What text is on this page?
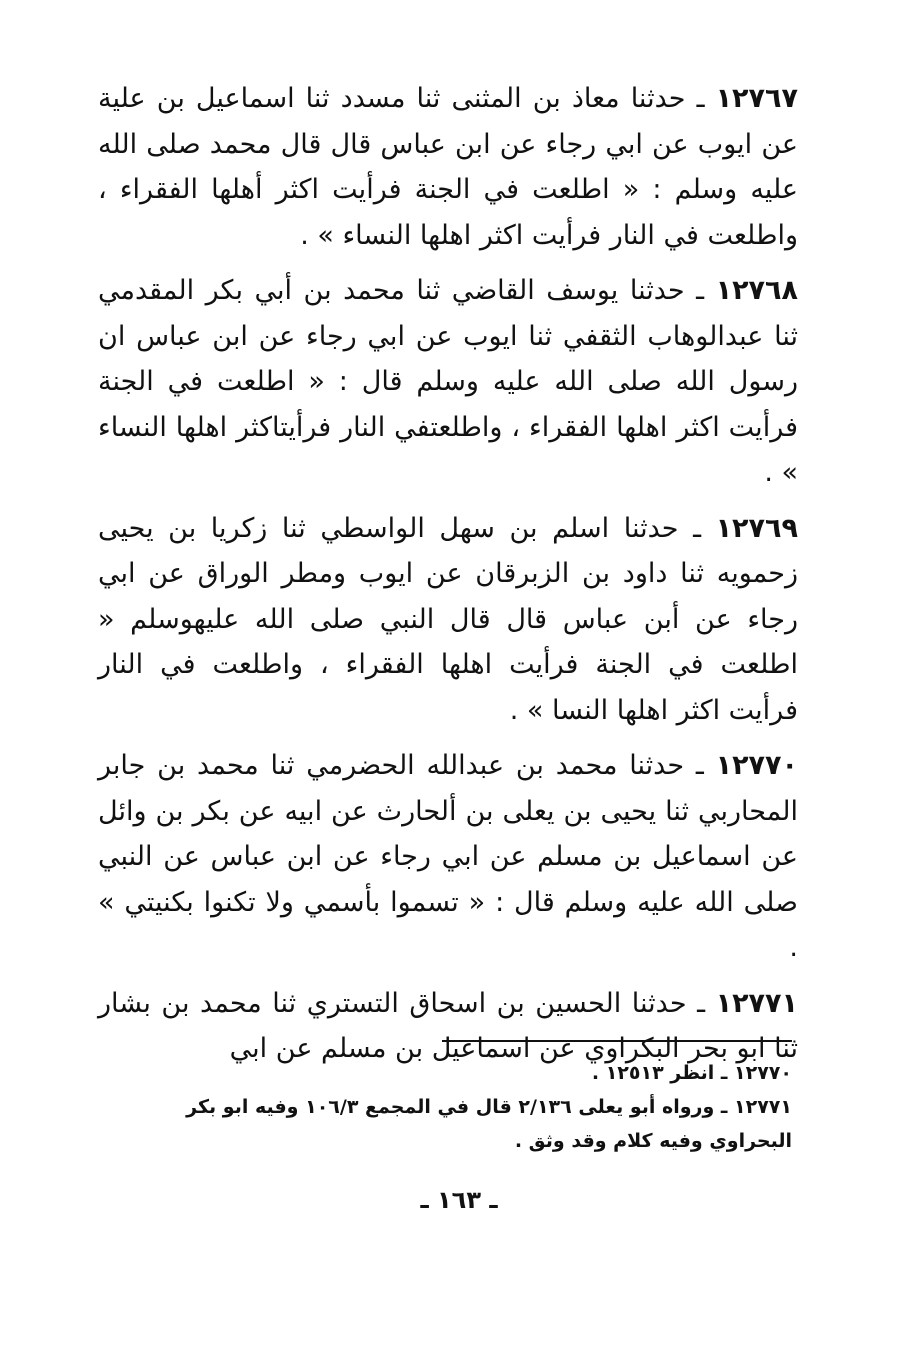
١٢٧٦٧ ـ حدثنا معاذ بن المثنى ثنا مسدد ثنا اسماعيل بن علية عن ايوب عن ابي رجاء عن ابن عباس قال قال محمد صلى الله عليه وسلم : « اطلعت في الجنة فرأيت اكثر أهلها الفقراء ، واطلعت في النار فرأيت اكثر اهلها النساء » .

١٢٧٦٨ ـ حدثنا يوسف القاضي ثنا محمد بن أبي بكر المقدمي ثنا عبدالوهاب الثقفي ثنا ايوب عن ابي رجاء عن ابن عباس ان رسول الله صلى الله عليه وسلم قال : « اطلعت في الجنة فرأيت اكثر اهلها الفقراء ، واطلعتفي النار فرأيتاكثر اهلها النساء » .

١٢٧٦٩ ـ حدثنا اسلم بن سهل الواسطي ثنا زكريا بن يحيى زحمويه ثنا داود بن الزبرقان عن ايوب ومطر الوراق عن ابي رجاء عن أبن عباس قال قال النبي صلى الله عليهوسلم « اطلعت في الجنة فرأيت اهلها الفقراء ، واطلعت في النار فرأيت اكثر اهلها النسا » .

١٢٧٧٠ ـ حدثنا محمد بن عبدالله الحضرمي ثنا محمد بن جابر المحاربي ثنا يحيى بن يعلى بن ألحارث عن ابيه عن بكر بن وائل عن اسماعيل بن مسلم عن ابي رجاء عن ابن عباس عن النبي صلى الله عليه وسلم قال : « تسموا بأسمي ولا تكنوا بكنيتي » .

١٢٧٧١ ـ حدثنا الحسين بن اسحاق التستري ثنا محمد بن بشار ثنا ابو بحر البكراوي عن اسماعيل بن مسلم عن ابي

١٢٧٧٠ ـ انظر ١٢٥١٣ .

١٢٧٧١ ـ ورواه أبو يعلى ٢/١٣٦ قال في المجمع ١٠٦/٣ وفيه ابو بكر البحراوي وفيه كلام وقد وثق .

ـ ١٦٣ ـ
